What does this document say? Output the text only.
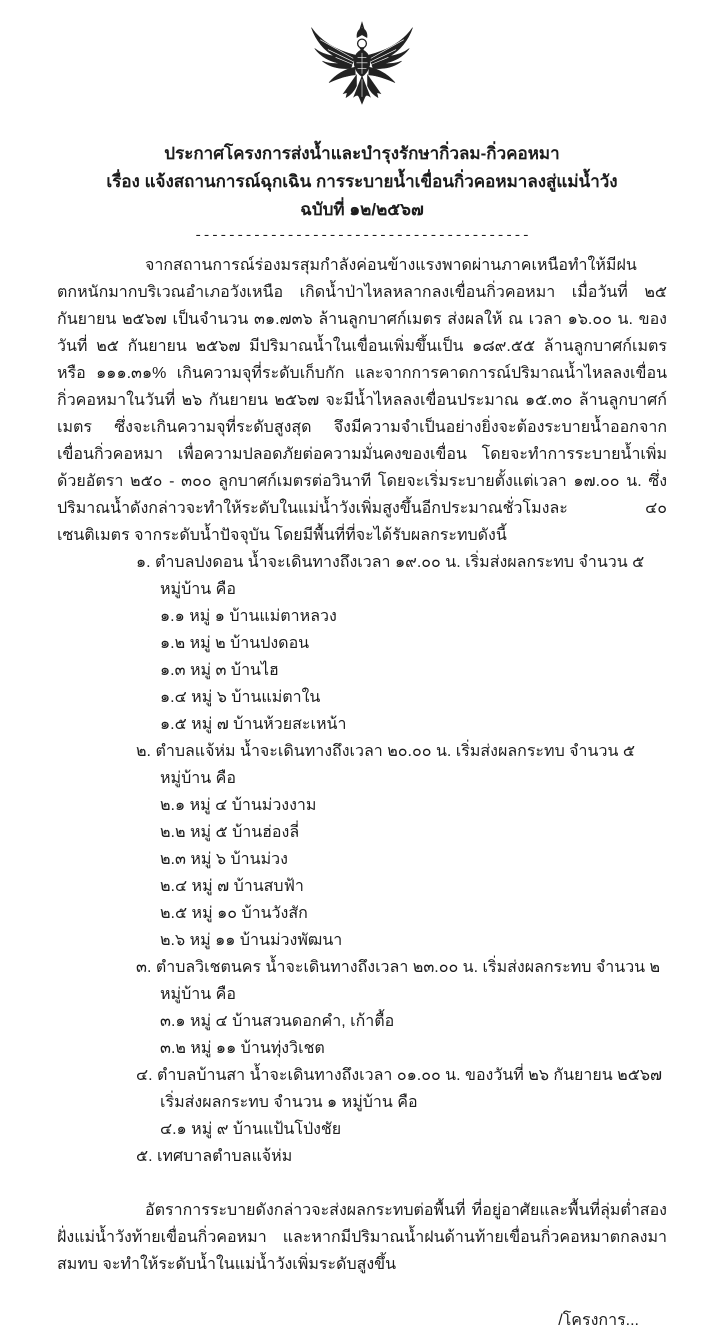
ประกาศโครงการส่งน้ำและบำรุงรักษากิ่วลม-กิ่วคอหมา
เรื่อง แจ้งสถานการณ์ฉุกเฉิน การระบายน้ำเขื่อนกิ่วคอหมาลงสู่แม่น้ำวัง
ฉบับที่ ๑๒/๒๕๖๗
----------------------------------------

จากสถานการณ์ร่องมรสุมกำลังค่อนข้างแรงพาดผ่านภาคเหนือทำให้มีฝนตกหนักมากบริเวณอำเภอวังเหนือ เกิดน้ำป่าไหลหลากลงเขื่อนกิ่วคอหมา เมื่อวันที่ ๒๕ กันยายน ๒๕๖๗ เป็นจำนวน ๓๑.๗๓๖ ล้านลูกบาศก์เมตร ส่งผลให้ ณ เวลา ๑๖.๐๐ น. ของวันที่ ๒๕ กันยายน ๒๕๖๗ มีปริมาณน้ำในเขื่อนเพิ่มขึ้นเป็น ๑๘๙.๕๕ ล้านลูกบาศก์เมตร หรือ ๑๑๑.๓๑% เกินความจุที่ระดับเก็บกัก และจากการคาดการณ์ปริมาณน้ำไหลลงเขื่อนกิ่วคอหมาในวันที่ ๒๖ กันยายน ๒๕๖๗ จะมีน้ำไหลลงเขื่อนประมาณ ๑๕.๓๐ ล้านลูกบาศก์เมตร ซึ่งจะเกินความจุที่ระดับสูงสุด จึงมีความจำเป็นอย่างยิ่งจะต้องระบายน้ำออกจากเขื่อนกิ่วคอหมา เพื่อความปลอดภัยต่อความมั่นคงของเขื่อน โดยจะทำการระบายน้ำเพิ่มด้วยอัตรา ๒๕๐ - ๓๐๐ ลูกบาศก์เมตรต่อวินาที โดยจะเริ่มระบายตั้งแต่เวลา ๑๗.๐๐ น. ซึ่งปริมาณน้ำดังกล่าวจะทำให้ระดับในแม่น้ำวังเพิ่มสูงขึ้นอีกประมาณชั่วโมงละ ๔๐ เซนติเมตร จากระดับน้ำปัจจุบัน โดยมีพื้นที่ที่จะได้รับผลกระทบดังนี้

๑. ตำบลปงดอน น้ำจะเดินทางถึงเวลา ๑๙.๐๐ น. เริ่มส่งผลกระทบ จำนวน ๕ หมู่บ้าน คือ
๑.๑ หมู่ ๑ บ้านแม่ตาหลวง
๑.๒ หมู่ ๒ บ้านปงดอน
๑.๓ หมู่ ๓ บ้านไฮ
๑.๔ หมู่ ๖ บ้านแม่ตาใน
๑.๕ หมู่ ๗ บ้านห้วยสะเหน้า
๒. ตำบลแจ้ห่ม น้ำจะเดินทางถึงเวลา ๒๐.๐๐ น. เริ่มส่งผลกระทบ จำนวน ๕ หมู่บ้าน คือ
๒.๑ หมู่ ๔ บ้านม่วงงาม
๒.๒ หมู่ ๕ บ้านฮ่องลี่
๒.๓ หมู่ ๖ บ้านม่วง
๒.๔ หมู่ ๗ บ้านสบฟ้า
๒.๕ หมู่ ๑๐ บ้านวังสัก
๒.๖ หมู่ ๑๑ บ้านม่วงพัฒนา
๓. ตำบลวิเชตนคร น้ำจะเดินทางถึงเวลา ๒๓.๐๐ น. เริ่มส่งผลกระทบ จำนวน ๒ หมู่บ้าน คือ
๓.๑ หมู่ ๔ บ้านสวนดอกคำ, เก้าตื้อ
๓.๒ หมู่ ๑๑ บ้านทุ่งวิเชต
๔. ตำบลบ้านสา น้ำจะเดินทางถึงเวลา ๐๑.๐๐ น. ของวันที่ ๒๖ กันยายน ๒๕๖๗ เริ่มส่งผลกระทบ จำนวน ๑ หมู่บ้าน คือ
๔.๑ หมู่ ๙ บ้านแป้นโป่งชัย
๕. เทศบาลตำบลแจ้ห่ม

อัตราการระบายดังกล่าวจะส่งผลกระทบต่อพื้นที่ ที่อยู่อาศัยและพื้นที่ลุ่มต่ำสองฝั่งแม่น้ำวังท้ายเขื่อนกิ่วคอหมา และหากมีปริมาณน้ำฝนด้านท้ายเขื่อนกิ่วคอหมาตกลงมาสมทบ จะทำให้ระดับน้ำในแม่น้ำวังเพิ่มระดับสูงขึ้น

/โครงการ...
